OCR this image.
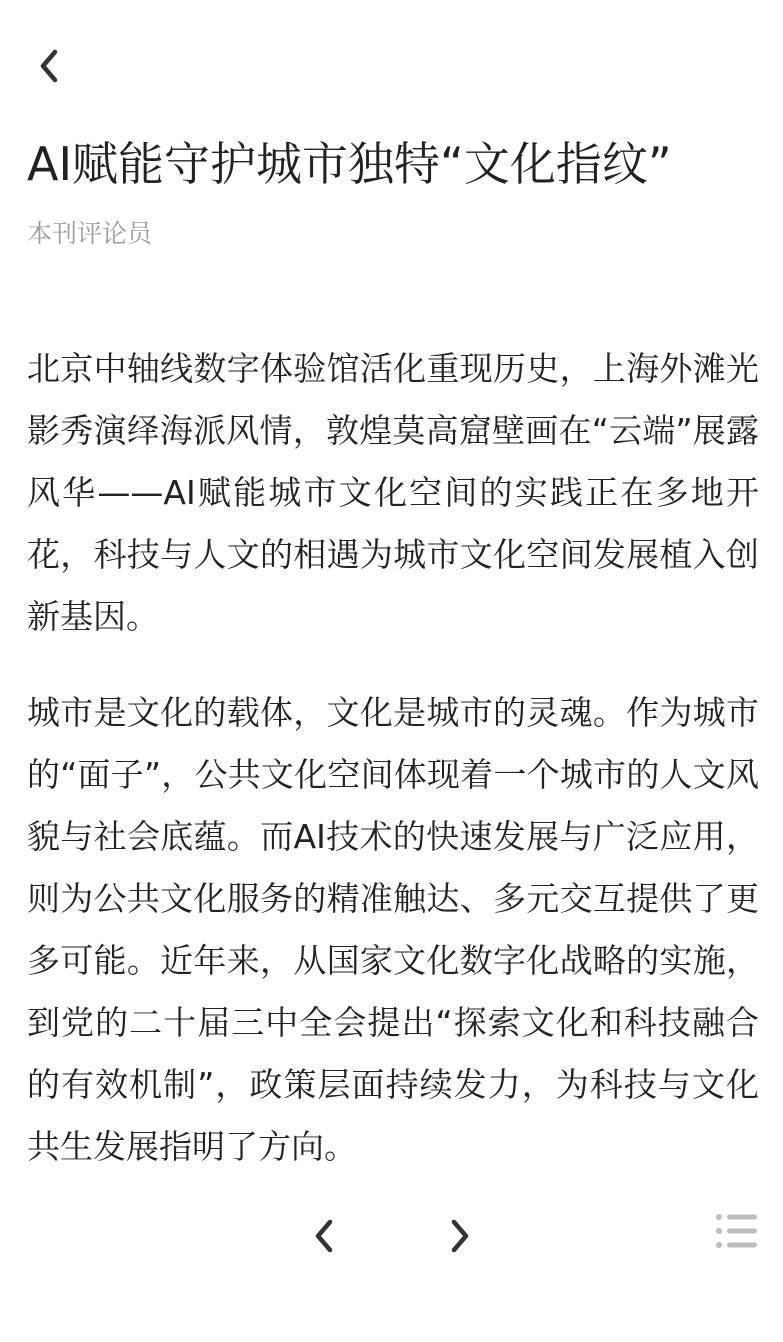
AI赋能守护城市独特“文化指纹”
本刊评论员

北京中轴线数字体验馆活化重现历史，上海外滩光影秀演绎海派风情，敦煌莫高窟壁画在“云端”展露风华——AI赋能城市文化空间的实践正在多地开花，科技与人文的相遇为城市文化空间发展植入创新基因。

城市是文化的载体，文化是城市的灵魂。作为城市的“面子”，公共文化空间体现着一个城市的人文风貌与社会底蕴。而AI技术的快速发展与广泛应用，则为公共文化服务的精准触达、多元交互提供了更多可能。近年来，从国家文化数字化战略的实施，到党的二十届三中全会提出“探索文化和科技融合的有效机制”，政策层面持续发力，为科技与文化共生发展指明了方向。
